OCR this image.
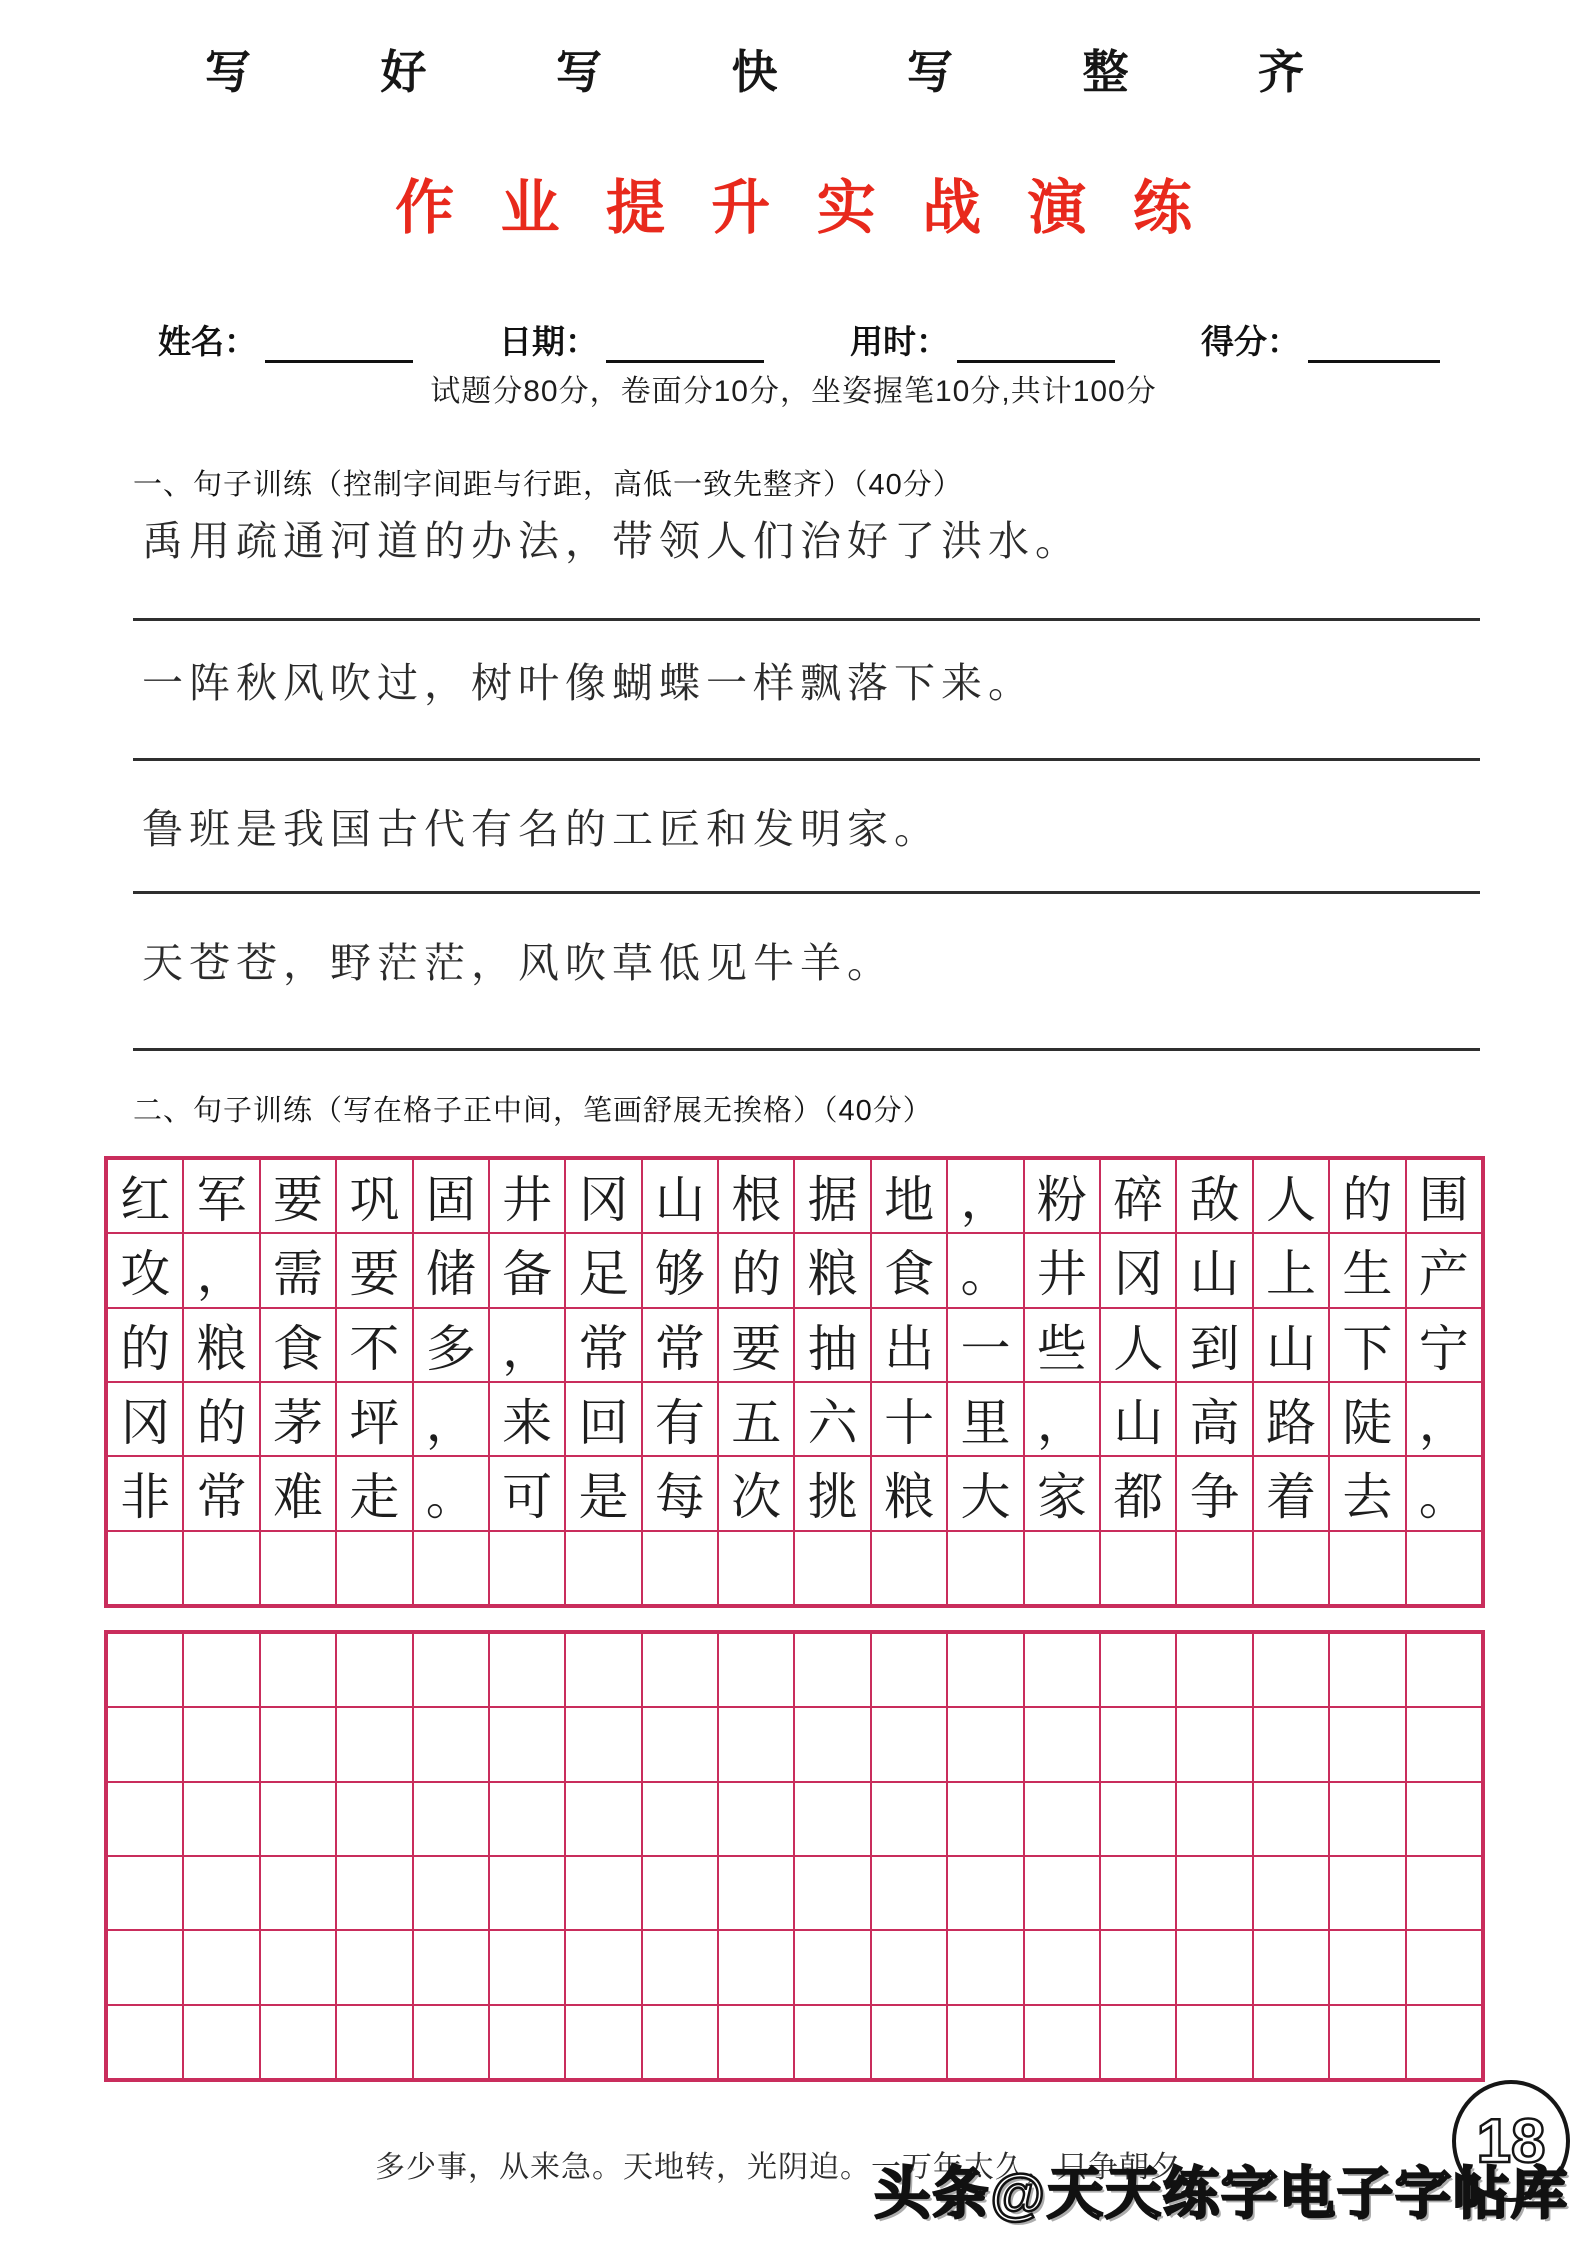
写 好 写 快 写 整 齐
作 业 提 升 实 战 演 练
姓名：	日期：	用时：	得分：
试题分80分，卷面分10分，坐姿握笔10分,共计100分
一、句子训练（控制字间距与行距，高低一致先整齐）（40分）
禹用疏通河道的办法，带领人们治好了洪水。
一阵秋风吹过，树叶像蝴蝶一样飘落下来。
鲁班是我国古代有名的工匠和发明家。
天苍苍，野茫茫，风吹草低见牛羊。
二、句子训练（写在格子正中间，笔画舒展无挨格）（40分）
红 军 要 巩 固 井 冈 山 根 据 地 ， 粉 碎 敌 人 的 围
攻 ， 需 要 储 备 足 够 的 粮 食 。 井 冈 山 上 生 产
的 粮 食 不 多 ， 常 常 要 抽 出 一 些 人 到 山 下 宁
冈 的 茅 坪 ， 来 回 有 五 六 十 里 ， 山 高 路 陡 ，
非 常 难 走 。 可 是 每 次 挑 粮 大 家 都 争 着 去 。
多少事，从来急。天地转，光阴迫。一万年太久，只争朝夕。	18
头条@天天练字电子字帖库
